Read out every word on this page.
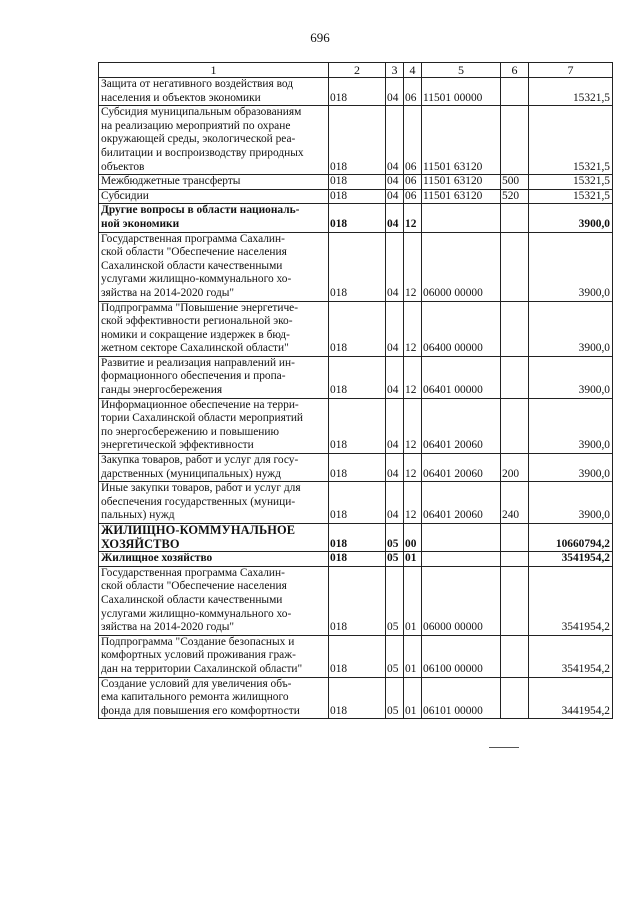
696
1	2	3	4	5	6	7
Защита от негативного воздействия вод
населения и объектов экономики	018	04	06	11501 00000		15321,5
Субсидия муниципальным образованиям
на реализацию мероприятий по охране
окружающей среды, экологической реа-
билитации и воспроизводству природных
объектов	018	04	06	11501 63120		15321,5
Межбюджетные трансферты	018	04	06	11501 63120	500	15321,5
Субсидии	018	04	06	11501 63120	520	15321,5
Другие вопросы в области националь-
ной экономики	018	04	12			3900,0
Государственная программа Сахалин-
ской области "Обеспечение населения
Сахалинской области качественными
услугами жилищно-коммунального хо-
зяйства на 2014-2020 годы"	018	04	12	06000 00000		3900,0
Подпрограмма "Повышение энергетиче-
ской эффективности региональной эко-
номики и сокращение издержек в бюд-
жетном секторе Сахалинской области"	018	04	12	06400 00000		3900,0
Развитие и реализация направлений ин-
формационного обеспечения и пропа-
ганды энергосбережения	018	04	12	06401 00000		3900,0
Информационное обеспечение на терри-
тории Сахалинской области мероприятий
по энергосбережению и повышению
энергетической эффективности	018	04	12	06401 20060		3900,0
Закупка товаров, работ и услуг для госу-
дарственных (муниципальных) нужд	018	04	12	06401 20060	200	3900,0
Иные закупки товаров, работ и услуг для
обеспечения государственных (муници-
пальных) нужд	018	04	12	06401 20060	240	3900,0
ЖИЛИЩНО-КОММУНАЛЬНОЕ
ХОЗЯЙСТВО	018	05	00			10660794,2
Жилищное хозяйство	018	05	01			3541954,2
Государственная программа Сахалин-
ской области "Обеспечение населения
Сахалинской области качественными
услугами жилищно-коммунального хо-
зяйства на 2014-2020 годы"	018	05	01	06000 00000		3541954,2
Подпрограмма "Создание безопасных и
комфортных условий проживания граж-
дан на территории Сахалинской области"	018	05	01	06100 00000		3541954,2
Создание условий для увеличения объ-
ема капитального ремонта жилищного
фонда для повышения его комфортности	018	05	01	06101 00000		3441954,2
